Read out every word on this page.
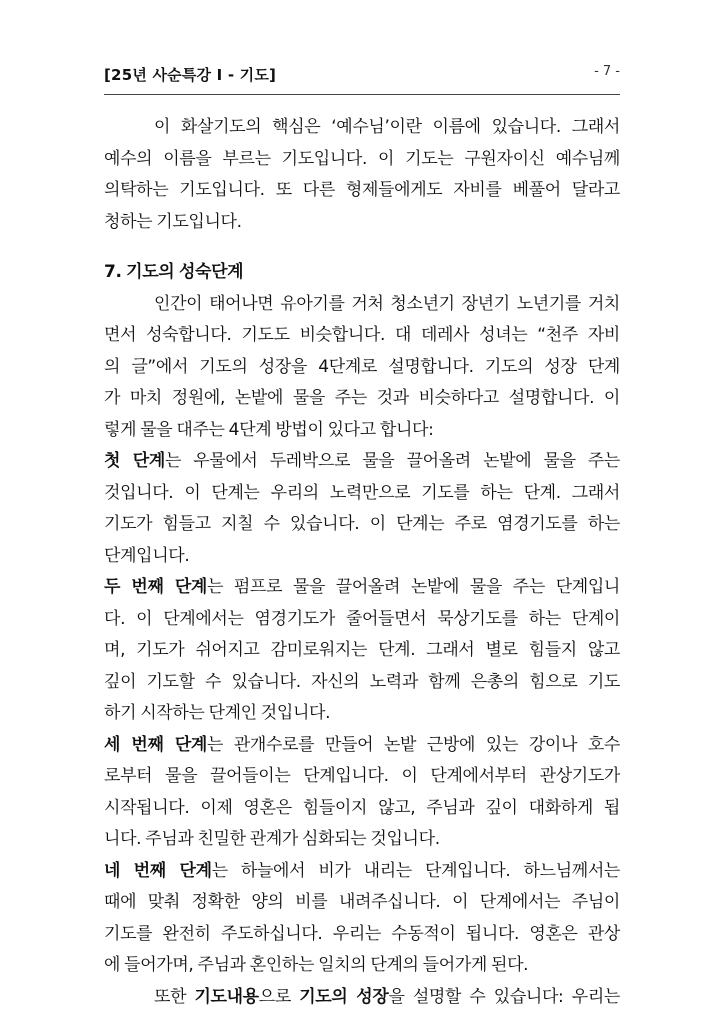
[25년 사순특강 Ⅰ - 기도]	- 7 -
이 화살기도의 핵심은 ‘예수님’이란 이름에 있습니다. 그래서
예수의 이름을 부르는 기도입니다. 이 기도는 구원자이신 예수님께
의탁하는 기도입니다. 또 다른 형제들에게도 자비를 베풀어 달라고
청하는 기도입니다.
7. 기도의 성숙단계
인간이 태어나면 유아기를 거처 청소년기 장년기 노년기를 거치
면서 성숙합니다. 기도도 비슷합니다. 대 데레사 성녀는 “천주 자비
의 글”에서 기도의 성장을 4단계로 설명합니다. 기도의 성장 단계
가 마치 정원에, 논밭에 물을 주는 것과 비슷하다고 설명합니다. 이
렇게 물을 대주는 4단계 방법이 있다고 합니다:
첫 단계는 우물에서 두레박으로 물을 끌어올려 논밭에 물을 주는
것입니다. 이 단계는 우리의 노력만으로 기도를 하는 단계. 그래서
기도가 힘들고 지칠 수 있습니다. 이 단계는 주로 염경기도를 하는
단계입니다.
두 번째 단계는 펌프로 물을 끌어올려 논밭에 물을 주는 단계입니
다. 이 단계에서는 염경기도가 줄어들면서 묵상기도를 하는 단계이
며, 기도가 쉬어지고 감미로워지는 단계. 그래서 별로 힘들지 않고
깊이 기도할 수 있습니다. 자신의 노력과 함께 은총의 힘으로 기도
하기 시작하는 단계인 것입니다.
세 번째 단계는 관개수로를 만들어 논밭 근방에 있는 강이나 호수
로부터 물을 끌어들이는 단계입니다. 이 단계에서부터 관상기도가
시작됩니다. 이제 영혼은 힘들이지 않고, 주님과 깊이 대화하게 됩
니다. 주님과 친밀한 관계가 심화되는 것입니다.
네 번째 단계는 하늘에서 비가 내리는 단계입니다. 하느님께서는
때에 맞춰 정확한 양의 비를 내려주십니다. 이 단계에서는 주님이
기도를 완전히 주도하십니다. 우리는 수동적이 됩니다. 영혼은 관상
에 들어가며, 주님과 혼인하는 일치의 단계의 들어가게 된다.
또한 기도내용으로 기도의 성장을 설명할 수 있습니다: 우리는
